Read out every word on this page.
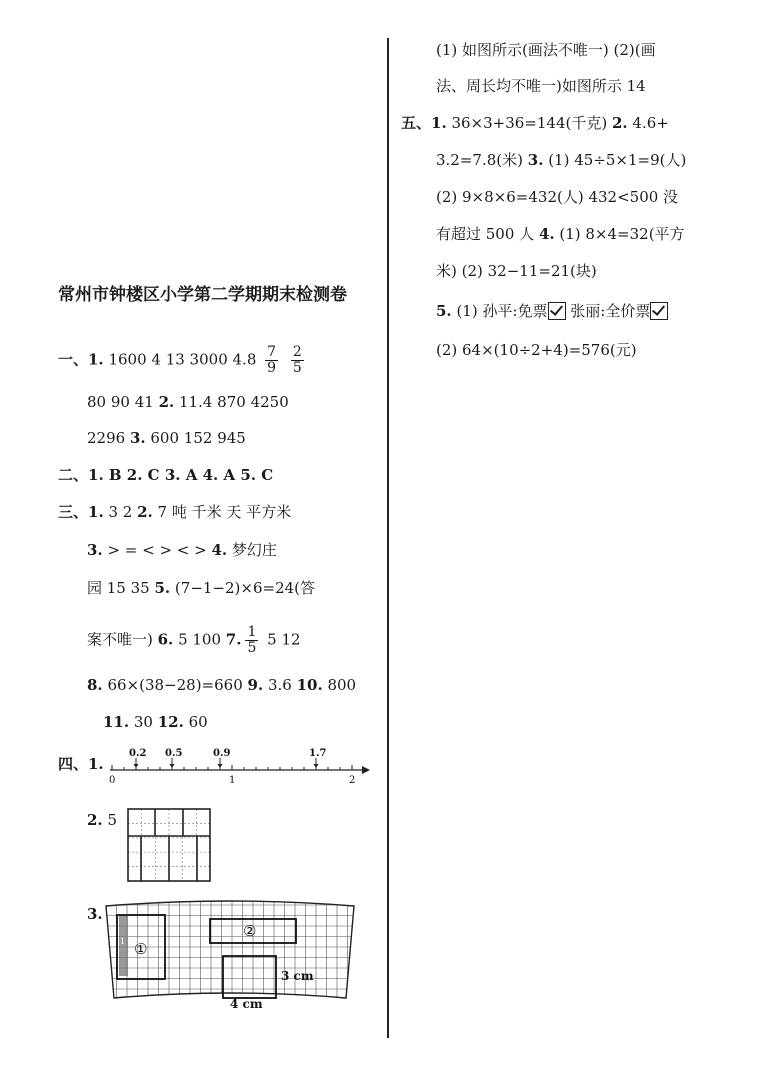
常州市钟楼区小学第二学期期末检测卷
一、1. 1600 4 13 3000 $4.8 \frac{7}{9}$
$\frac{2}{5}$
80 90 41 2. 11.4 870 4250
2296 3. 600 152 945
二、1. B 2. C 3. A 4. A 5. C
三、1. 3 2 2. 7 吨 千米 天 平方米
3. > = < > < > 4. 梦幻庄
园 15 35 5. (7−1−2)×6=24(答
案不唯一) 6. 5 100 7. $\frac{1}{5} 5$ 12
8. 66×(38−28)=660 9. 3.6 10. 800
11. 30 12. 60
四、1.
0.2 0.5	0.9	1.7
0	1	2
2. 5
3.
①
②
3 cm
4 cm
1 cm
(1) 如图所示(画法不唯一) (2)(画
法、周长均不唯一)如图所示 14
五、1. 36×3+36=144(千克) 2. 4.6+
3.2=7.8(米) 3. (1) 45÷5×1=9(人)
(2) 9×8×6=432(人) 432<500 没
有超过 500 人 4. (1) 8×4=32(平方
米) (2) 32−11=21(块)
5. (1) 孙平:免票 张丽:全价票
(2) 64×(10÷2+4)=576(元)
